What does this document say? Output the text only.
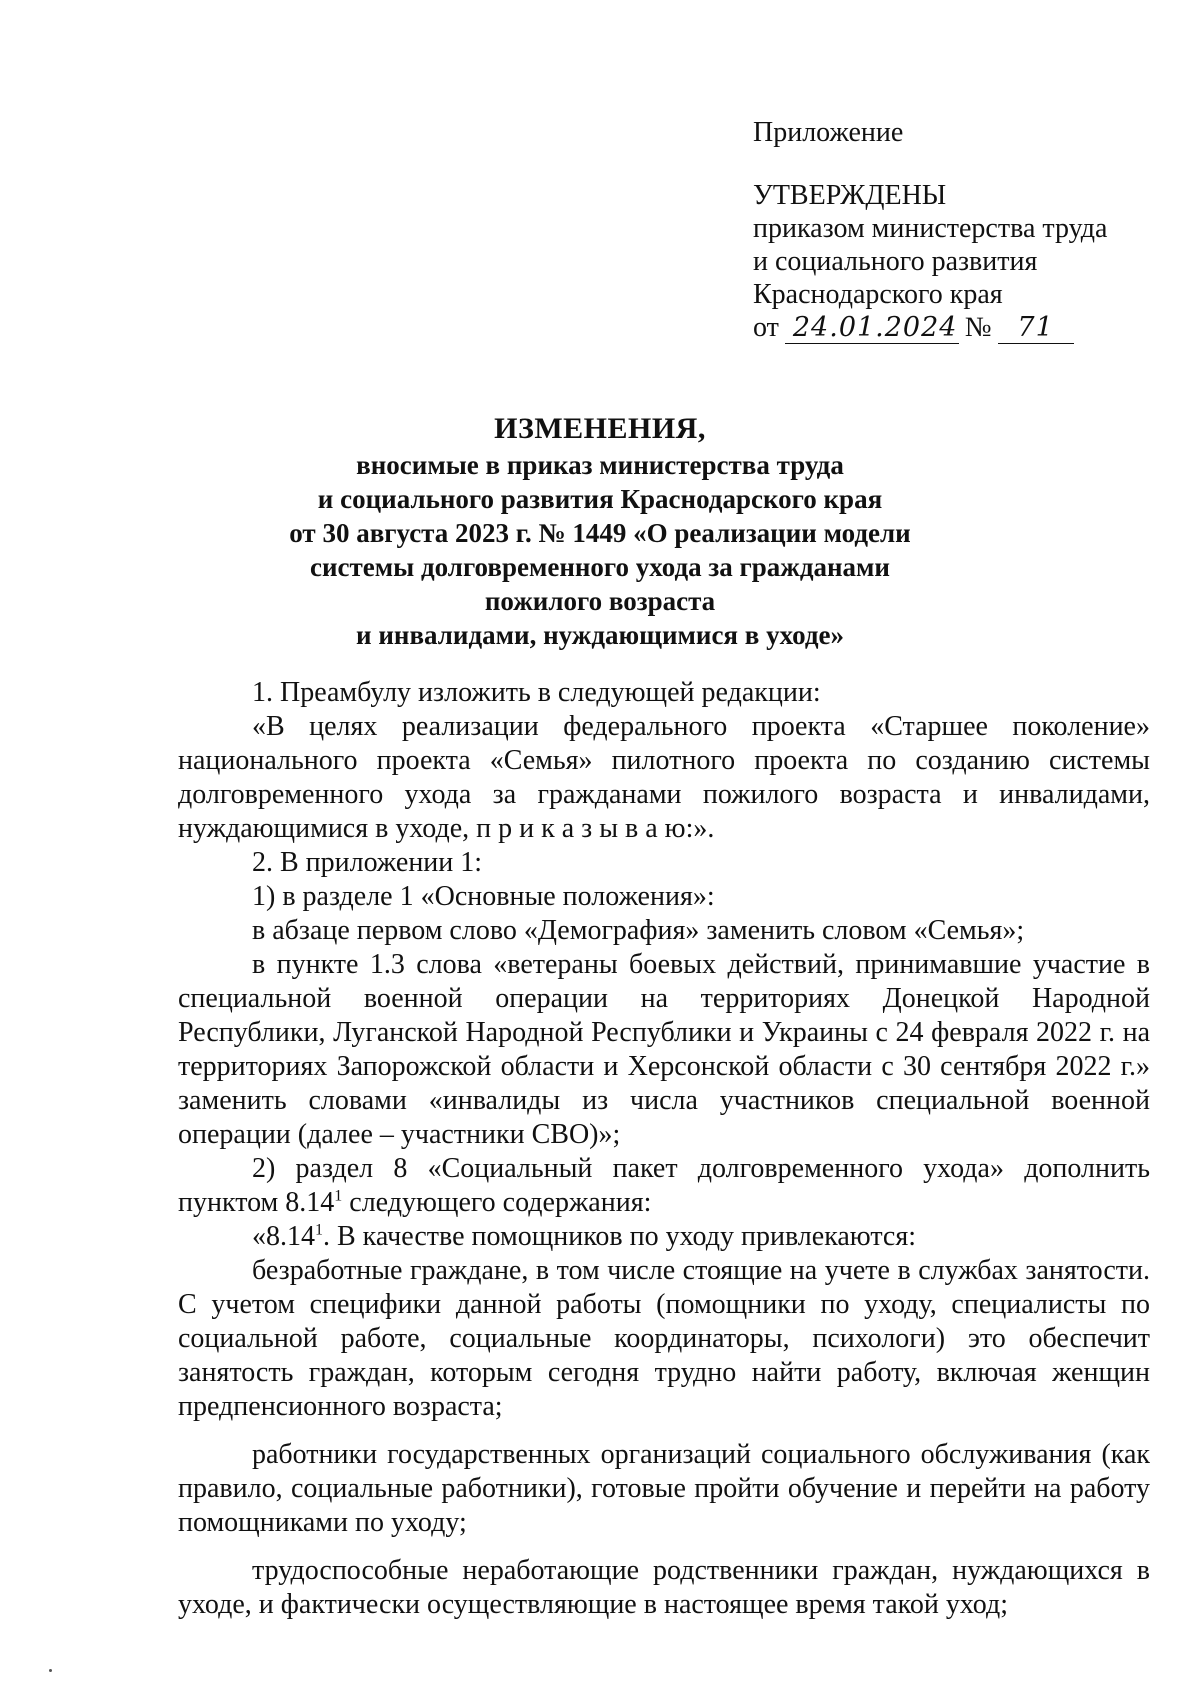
Приложение
УТВЕРЖДЕНЫ
приказом министерства труда
и социального развития
Краснодарского края
от 24.01.2024 № 71
ИЗМЕНЕНИЯ,
вносимые в приказ министерства труда
и социального развития Краснодарского края
от 30 августа 2023 г. № 1449 «О реализации модели
системы долговременного ухода за гражданами
пожилого возраста
и инвалидами, нуждающимися в уходе»

1. Преамбулу изложить в следующей редакции:

«В целях реализации федерального проекта «Старшее поколение» национального проекта «Семья» пилотного проекта по созданию системы долговременного ухода за гражданами пожилого возраста и инвалидами, нуждающимися в уходе, п р и к а з ы в а ю:».

2. В приложении 1:

1) в разделе 1 «Основные положения»:

в абзаце первом слово «Демография» заменить словом «Семья»;

в пункте 1.3 слова «ветераны боевых действий, принимавшие участие в специальной военной операции на территориях Донецкой Народной Республики, Луганской Народной Республики и Украины с 24 февраля 2022 г. на территориях Запорожской области и Херсонской области с 30 сентября 2022 г.» заменить словами «инвалиды из числа участников специальной военной операции (далее – участники СВО)»;

2) раздел 8 «Социальный пакет долговременного ухода» дополнить пунктом 8.14$^1$ следующего содержания:

«8.14$^1$. В качестве помощников по уходу привлекаются:

безработные граждане, в том числе стоящие на учете в службах занятости. С учетом специфики данной работы (помощники по уходу, специалисты по социальной работе, социальные координаторы, психологи) это обеспечит занятость граждан, которым сегодня трудно найти работу, включая женщин предпенсионного возраста;

работники государственных организаций социального обслуживания (как правило, социальные работники), готовые пройти обучение и перейти на работу помощниками по уходу;

трудоспособные неработающие родственники граждан, нуждающихся в уходе, и фактически осуществляющие в настоящее время такой уход;
